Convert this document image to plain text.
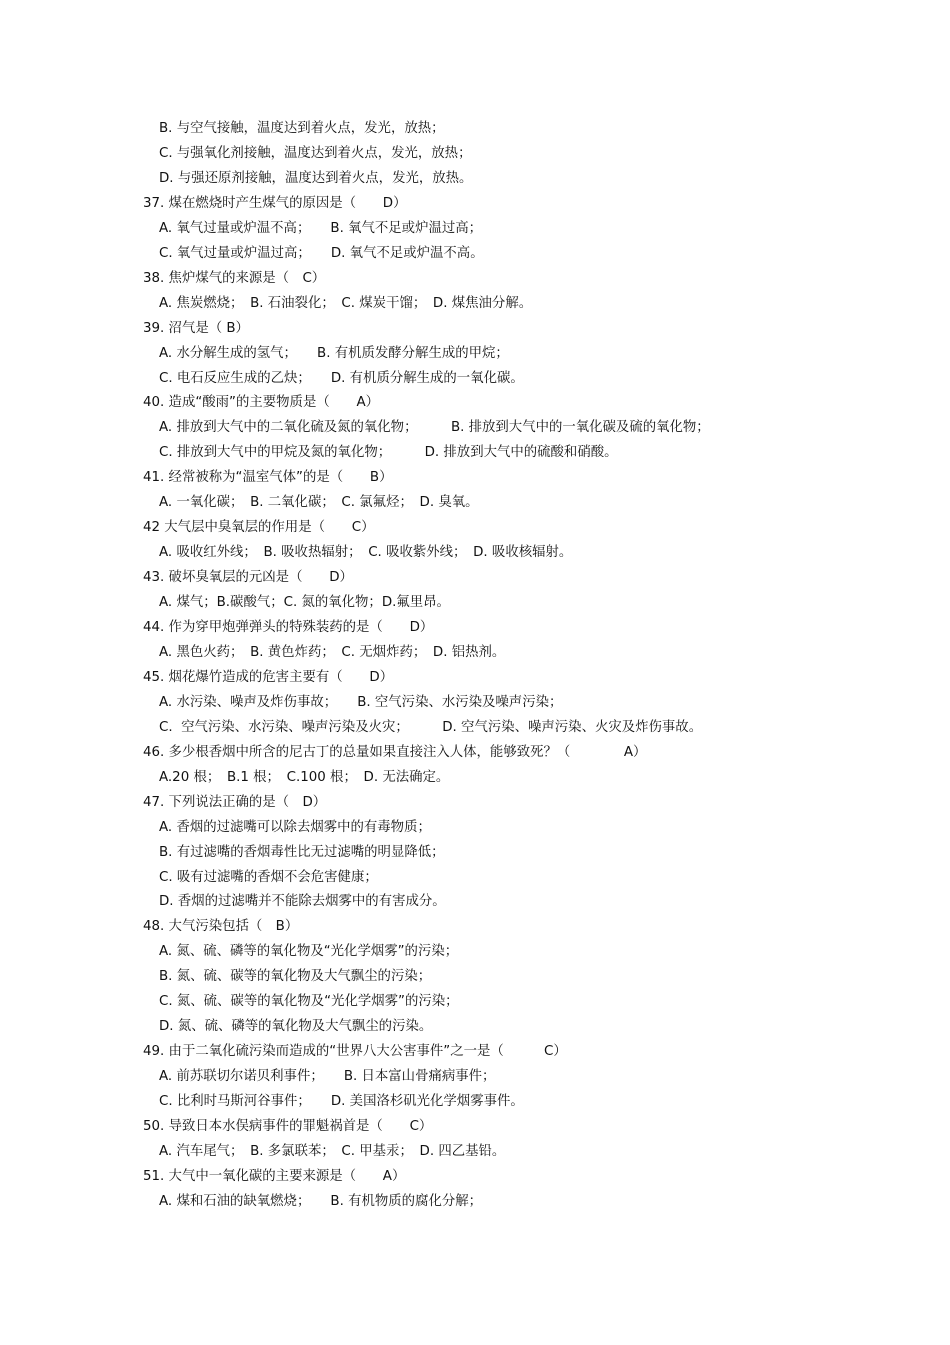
B. 与空气接触，温度达到着火点，发光，放热；
C. 与强氧化剂接触，温度达到着火点，发光，放热；
D. 与强还原剂接触，温度达到着火点，发光，放热。
37. 煤在燃烧时产生煤气的原因是（　　D）
A. 氧气过量或炉温不高；　　B. 氧气不足或炉温过高；
C. 氧气过量或炉温过高；　　D. 氧气不足或炉温不高。
38. 焦炉煤气的来源是（　C）
A. 焦炭燃烧；　B. 石油裂化；　C. 煤炭干馏；　D. 煤焦油分解。
39. 沼气是（ B）
A. 水分解生成的氢气；　　B. 有机质发酵分解生成的甲烷；
C. 电石反应生成的乙炔；　　D. 有机质分解生成的一氧化碳。
40. 造成“酸雨”的主要物质是（　　A）
A. 排放到大气中的二氧化硫及氮的氧化物；　　　B. 排放到大气中的一氧化碳及硫的氧化物；
C. 排放到大气中的甲烷及氮的氧化物；　　　D. 排放到大气中的硫酸和硝酸。
41. 经常被称为“温室气体”的是（　　B）
A. 一氧化碳；　B. 二氧化碳；　C. 氯氟烃；　D. 臭氧。
42 大气层中臭氧层的作用是（　　C）
A. 吸收红外线；　B. 吸收热辐射；　C. 吸收紫外线；　D. 吸收核辐射。
43. 破坏臭氧层的元凶是（　　D）
A. 煤气；B.碳酸气；C. 氮的氧化物；D.氟里昂。
44. 作为穿甲炮弹弹头的特殊装药的是（　　D）
A. 黑色火药；　B. 黄色炸药；　C. 无烟炸药；　D. 铝热剂。
45. 烟花爆竹造成的危害主要有（　　D）
A. 水污染、噪声及炸伤事故；　　B. 空气污染、水污染及噪声污染；
C.  空气污染、水污染、噪声污染及火灾；　　　D. 空气污染、噪声污染、火灾及炸伤事故。
46. 多少根香烟中所含的尼古丁的总量如果直接注入人体，能够致死？（　　　　A）
A.20 根；　B.1 根；　C.100 根；　D. 无法确定。
47. 下列说法正确的是（　D）
A. 香烟的过滤嘴可以除去烟雾中的有毒物质；
B. 有过滤嘴的香烟毒性比无过滤嘴的明显降低；
C. 吸有过滤嘴的香烟不会危害健康；
D. 香烟的过滤嘴并不能除去烟雾中的有害成分。
48. 大气污染包括（　B）
A. 氮、硫、磷等的氧化物及“光化学烟雾”的污染；
B. 氮、硫、碳等的氧化物及大气飘尘的污染；
C. 氮、硫、碳等的氧化物及“光化学烟雾”的污染；
D. 氮、硫、磷等的氧化物及大气飘尘的污染。
49. 由于二氧化硫污染而造成的“世界八大公害事件”之一是（　　　C）
A. 前苏联切尔诺贝利事件；　　B. 日本富山骨痛病事件；
C. 比利时马斯河谷事件；　　D. 美国洛杉矶光化学烟雾事件。
50. 导致日本水俣病事件的罪魁祸首是（　　C）
A. 汽车尾气；　B. 多氯联苯；　C. 甲基汞；　D. 四乙基铅。
51. 大气中一氧化碳的主要来源是（　　A）
A. 煤和石油的缺氧燃烧；　　B. 有机物质的腐化分解；
